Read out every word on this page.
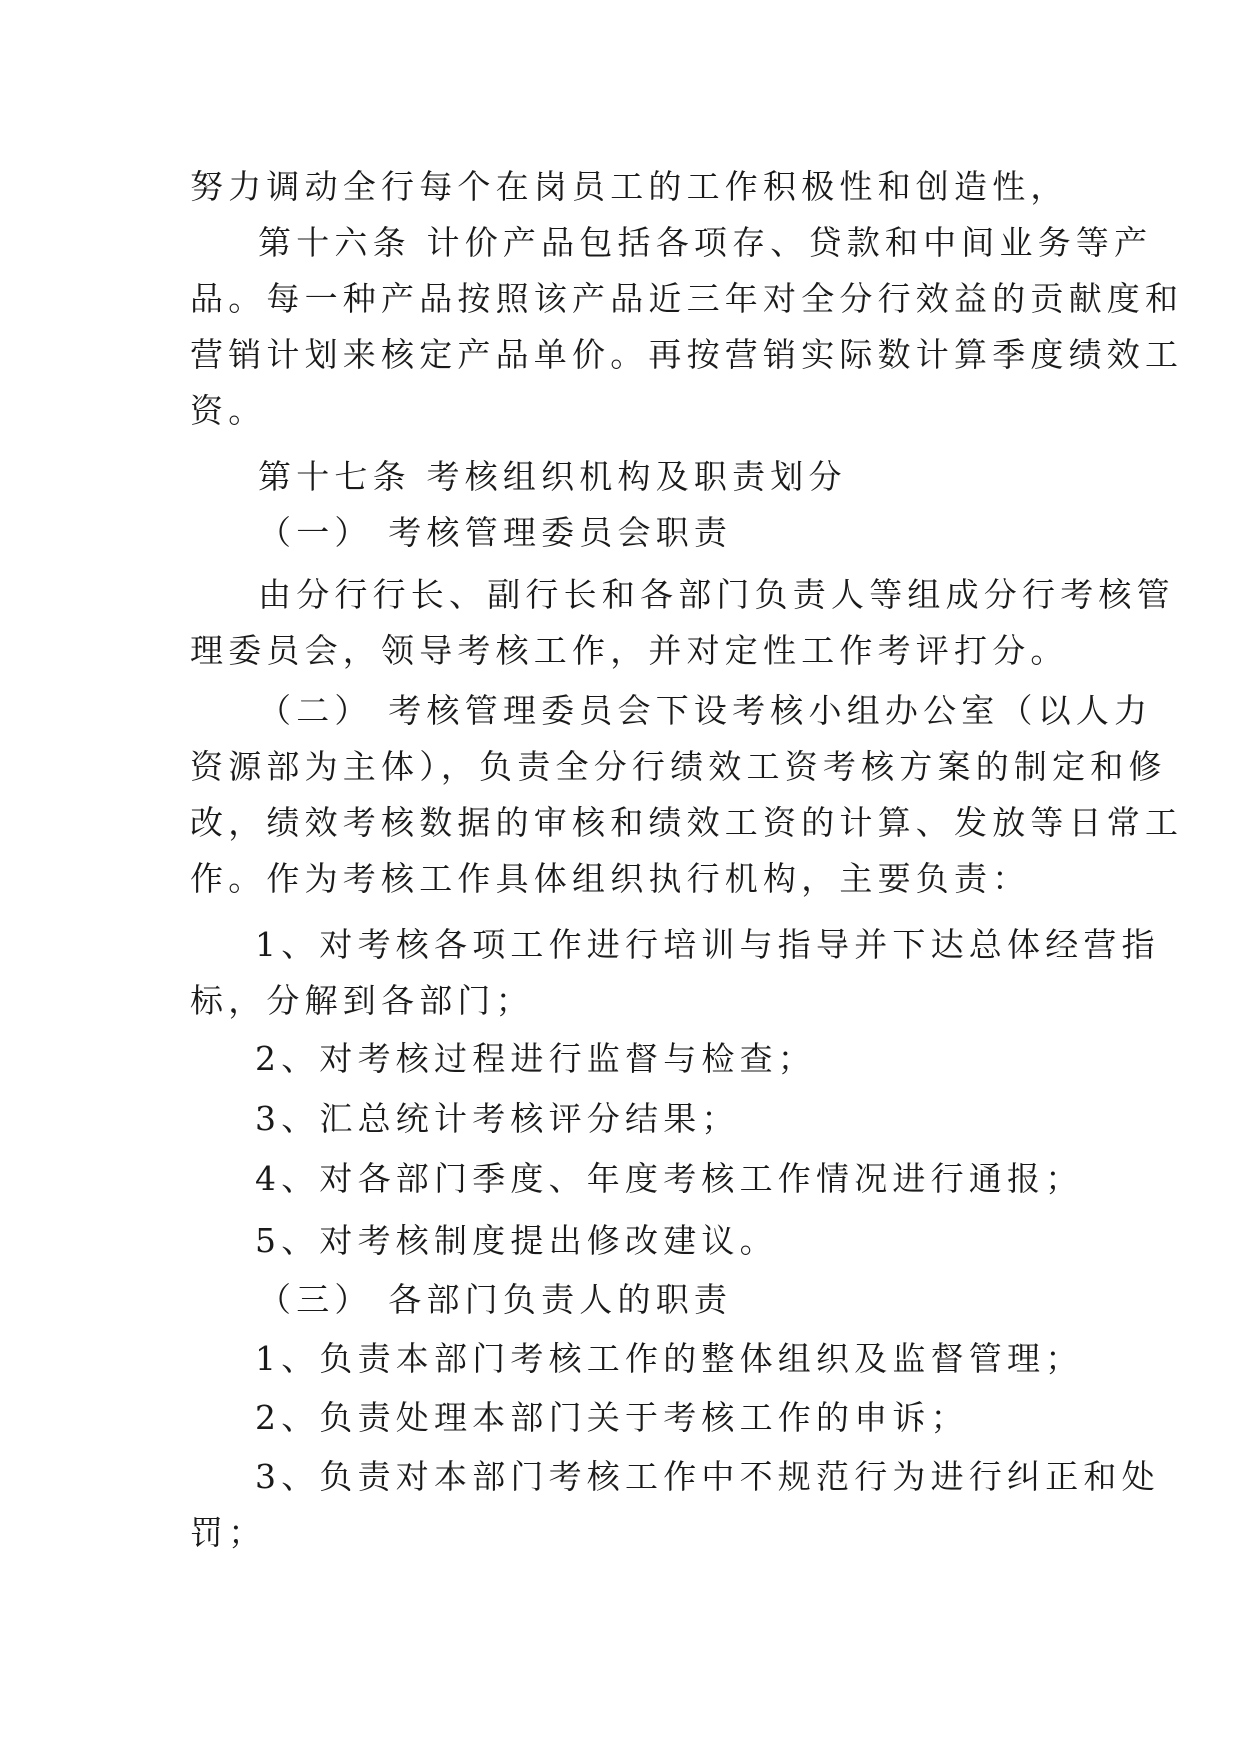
努力调动全行每个在岗员工的工作积极性和创造性，
第十六条 计价产品包括各项存、贷款和中间业务等产
品。每一种产品按照该产品近三年对全分行效益的贡献度和
营销计划来核定产品单价。再按营销实际数计算季度绩效工
资。
第十七条 考核组织机构及职责划分
（一） 考核管理委员会职责
由分行行长、副行长和各部门负责人等组成分行考核管
理委员会，领导考核工作，并对定性工作考评打分。
（二） 考核管理委员会下设考核小组办公室（以人力
资源部为主体），负责全分行绩效工资考核方案的制定和修
改，绩效考核数据的审核和绩效工资的计算、发放等日常工
作。作为考核工作具体组织执行机构，主要负责：
1、对考核各项工作进行培训与指导并下达总体经营指
标，分解到各部门；
2、对考核过程进行监督与检查；
3、汇总统计考核评分结果；
4、对各部门季度、年度考核工作情况进行通报；
5、对考核制度提出修改建议。
（三） 各部门负责人的职责
1、负责本部门考核工作的整体组织及监督管理；
2、负责处理本部门关于考核工作的申诉；
3、负责对本部门考核工作中不规范行为进行纠正和处
罚；
